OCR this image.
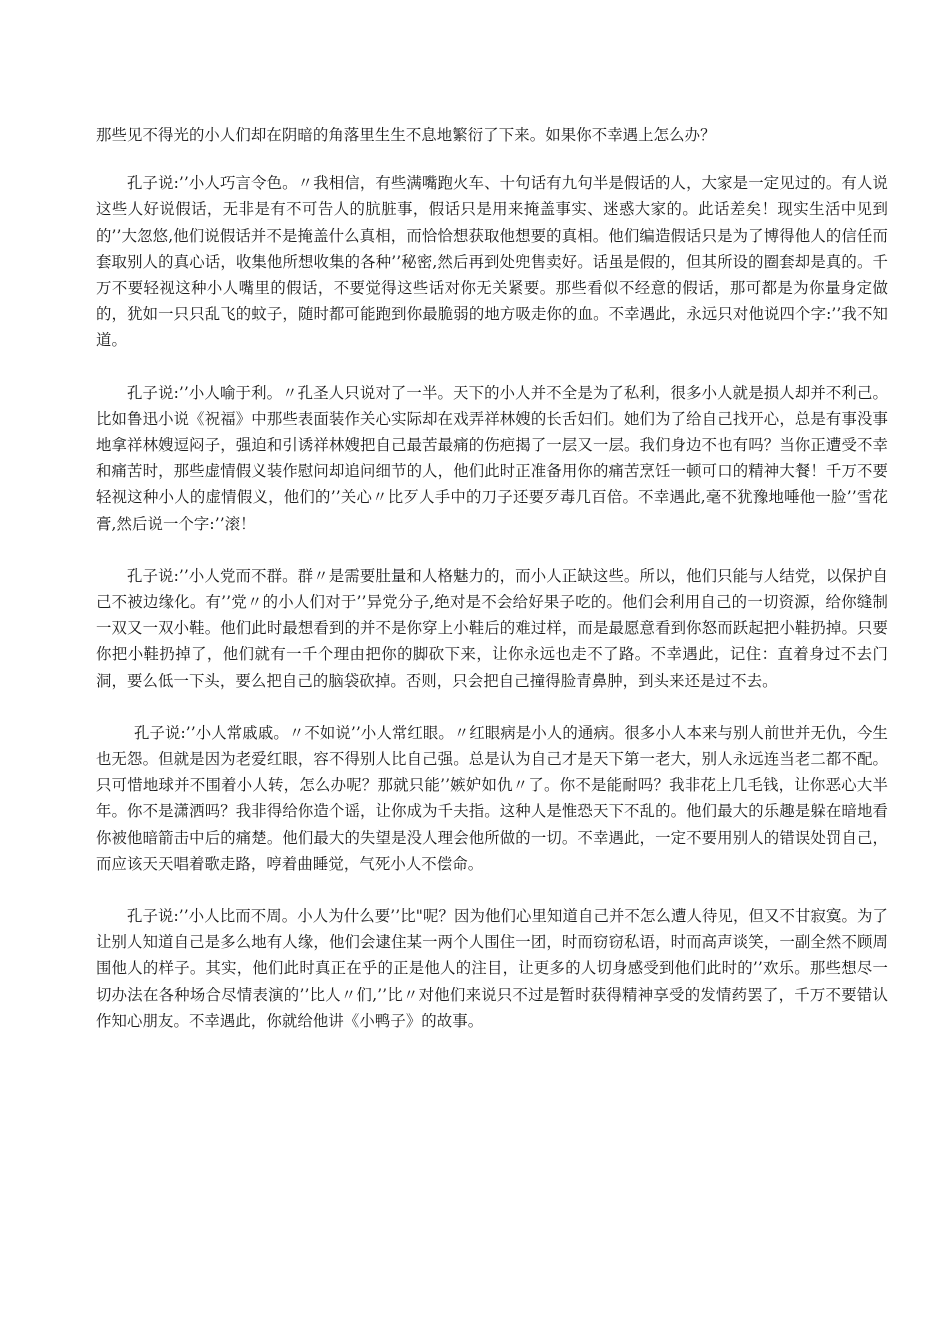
那些见不得光的小人们却在阴暗的角落里生生不息地繁衍了下来。如果你不幸遇上怎么办？

孔子说:’’小人巧言令色。〃我相信，有些满嘴跑火车、十句话有九句半是假话的人，大家是一定见过的。有人说这些人好说假话，无非是有不可告人的肮脏事，假话只是用来掩盖事实、迷惑大家的。此话差矣！现实生活中见到的’’大忽悠,他们说假话并不是掩盖什么真相，而恰恰想获取他想要的真相。他们编造假话只是为了博得他人的信任而套取别人的真心话，收集他所想收集的各种’’秘密,然后再到处兜售卖好。话虽是假的，但其所设的圈套却是真的。千万不要轻视这种小人嘴里的假话，不要觉得这些话对你无关紧要。那些看似不经意的假话，那可都是为你量身定做的，犹如一只只乱飞的蚊子，随时都可能跑到你最脆弱的地方吸走你的血。不幸遇此，永远只对他说四个字:’’我不知道。

孔子说:’’小人喻于利。〃孔圣人只说对了一半。天下的小人并不全是为了私利，很多小人就是损人却并不利己。比如鲁迅小说《祝福》中那些表面装作关心实际却在戏弄祥林嫂的长舌妇们。她们为了给自己找开心，总是有事没事地拿祥林嫂逗闷子，强迫和引诱祥林嫂把自己最苦最痛的伤疤揭了一层又一层。我们身边不也有吗？当你正遭受不幸和痛苦时，那些虚情假义装作慰问却追问细节的人，他们此时正准备用你的痛苦烹饪一顿可口的精神大餐！千万不要轻视这种小人的虚情假义，他们的’’关心〃比歹人手中的刀子还要歹毒几百倍。不幸遇此,毫不犹豫地唾他一脸’’雪花膏,然后说一个字:’’滚！

孔子说:’’小人党而不群。群〃是需要肚量和人格魅力的，而小人正缺这些。所以，他们只能与人结党，以保护自己不被边缘化。有’’党〃的小人们对于’’异党分子,绝对是不会给好果子吃的。他们会利用自己的一切资源，给你缝制一双又一双小鞋。他们此时最想看到的并不是你穿上小鞋后的难过样，而是最愿意看到你怒而跃起把小鞋扔掉。只要你把小鞋扔掉了，他们就有一千个理由把你的脚砍下来，让你永远也走不了路。不幸遇此，记住：直着身过不去门洞，要么低一下头，要么把自己的脑袋砍掉。否则，只会把自己撞得脸青鼻肿，到头来还是过不去。

孔子说:’’小人常戚戚。〃不如说’’小人常红眼。〃红眼病是小人的通病。很多小人本来与别人前世并无仇，今生也无怨。但就是因为老爱红眼，容不得别人比自己强。总是认为自己才是天下第一老大，别人永远连当老二都不配。只可惜地球并不围着小人转，怎么办呢？那就只能’’嫉妒如仇〃了。你不是能耐吗？我非花上几毛钱，让你恶心大半年。你不是潇洒吗？我非得给你造个谣，让你成为千夫指。这种人是惟恐天下不乱的。他们最大的乐趣是躲在暗地看你被他暗箭击中后的痛楚。他们最大的失望是没人理会他所做的一切。不幸遇此，一定不要用别人的错误处罚自己，而应该天天唱着歌走路，哼着曲睡觉，气死小人不偿命。

孔子说:’’小人比而不周。小人为什么要’’比"呢？因为他们心里知道自己并不怎么遭人待见，但又不甘寂寞。为了让别人知道自己是多么地有人缘，他们会逮住某一两个人围住一团，时而窃窃私语，时而高声谈笑，一副全然不顾周围他人的样子。其实，他们此时真正在乎的正是他人的注目，让更多的人切身感受到他们此时的’’欢乐。那些想尽一切办法在各种场合尽情表演的’’比人〃们,’’比〃对他们来说只不过是暂时获得精神享受的发情药罢了，千万不要错认作知心朋友。不幸遇此，你就给他讲《小鸭子》的故事。
